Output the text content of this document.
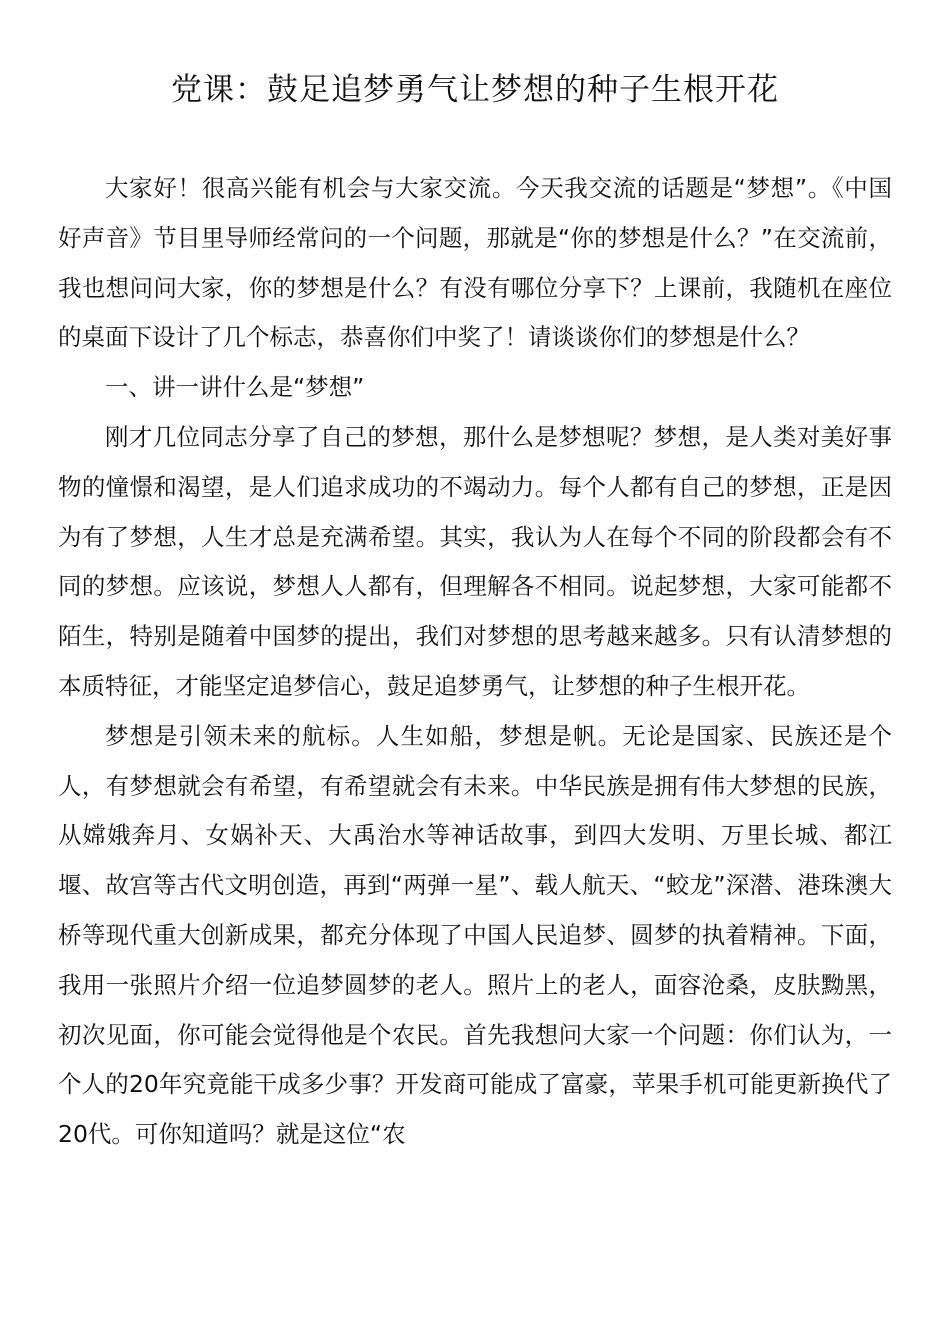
党课：鼓足追梦勇气让梦想的种子生根开花

大家好！很高兴能有机会与大家交流。今天我交流的话题是“梦想”。《中国好声音》节目里导师经常问的一个问题，那就是“你的梦想是什么？”在交流前，我也想问问大家，你的梦想是什么？有没有哪位分享下？上课前，我随机在座位的桌面下设计了几个标志，恭喜你们中奖了！请谈谈你们的梦想是什么？

一、讲一讲什么是“梦想”

刚才几位同志分享了自己的梦想，那什么是梦想呢？梦想，是人类对美好事物的憧憬和渴望，是人们追求成功的不竭动力。每个人都有自己的梦想，正是因为有了梦想，人生才总是充满希望。其实，我认为人在每个不同的阶段都会有不同的梦想。应该说，梦想人人都有，但理解各不相同。说起梦想，大家可能都不陌生，特别是随着中国梦的提出，我们对梦想的思考越来越多。只有认清梦想的本质特征，才能坚定追梦信心，鼓足追梦勇气，让梦想的种子生根开花。

梦想是引领未来的航标。人生如船，梦想是帆。无论是国家、民族还是个人，有梦想就会有希望，有希望就会有未来。中华民族是拥有伟大梦想的民族，从嫦娥奔月、女娲补天、大禹治水等神话故事，到四大发明、万里长城、都江堰、故宫等古代文明创造，再到“两弹一星”、载人航天、“蛟龙”深潜、港珠澳大桥等现代重大创新成果，都充分体现了中国人民追梦、圆梦的执着精神。下面，我用一张照片介绍一位追梦圆梦的老人。照片上的老人，面容沧桑，皮肤黝黑，初次见面，你可能会觉得他是个农民。首先我想问大家一个问题：你们认为，一个人的20年究竟能干成多少事？开发商可能成了富豪，苹果手机可能更新换代了20代。可你知道吗？就是这位“农
